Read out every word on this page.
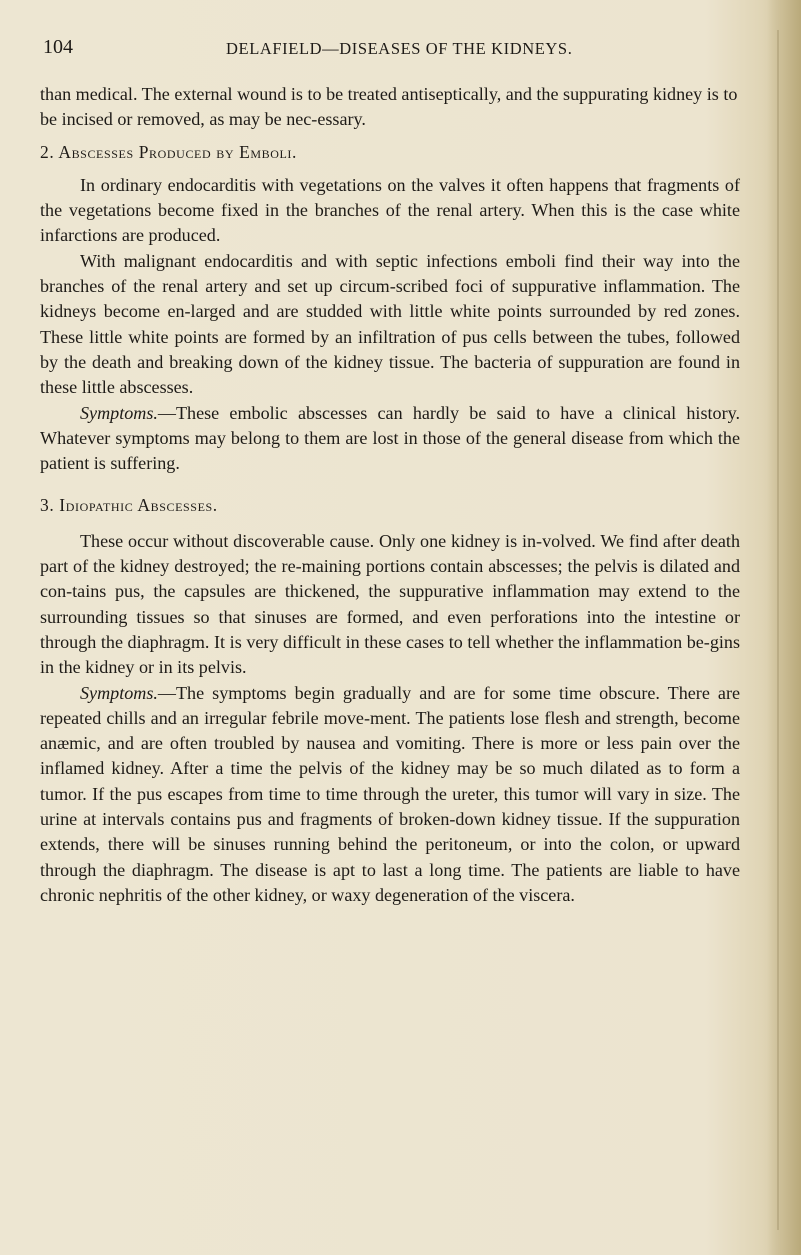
104	DELAFIELD—DISEASES OF THE KIDNEYS.

than medical. The external wound is to be treated antiseptically, and the suppurating kidney is to be incised or removed, as may be nec-essary.

2. Abscesses Produced by Emboli.

In ordinary endocarditis with vegetations on the valves it often happens that fragments of the vegetations become fixed in the branches of the renal artery. When this is the case white infarctions are produced.

With malignant endocarditis and with septic infections emboli find their way into the branches of the renal artery and set up circum-scribed foci of suppurative inflammation. The kidneys become en-larged and are studded with little white points surrounded by red zones. These little white points are formed by an infiltration of pus cells between the tubes, followed by the death and breaking down of the kidney tissue. The bacteria of suppuration are found in these little abscesses.

Symptoms.—These embolic abscesses can hardly be said to have a clinical history. Whatever symptoms may belong to them are lost in those of the general disease from which the patient is suffering.

3. Idiopathic Abscesses.

These occur without discoverable cause. Only one kidney is in-volved. We find after death part of the kidney destroyed; the re-maining portions contain abscesses; the pelvis is dilated and con-tains pus, the capsules are thickened, the suppurative inflammation may extend to the surrounding tissues so that sinuses are formed, and even perforations into the intestine or through the diaphragm. It is very difficult in these cases to tell whether the inflammation be-gins in the kidney or in its pelvis.

Symptoms.—The symptoms begin gradually and are for some time obscure. There are repeated chills and an irregular febrile move-ment. The patients lose flesh and strength, become anæmic, and are often troubled by nausea and vomiting. There is more or less pain over the inflamed kidney. After a time the pelvis of the kidney may be so much dilated as to form a tumor. If the pus escapes from time to time through the ureter, this tumor will vary in size. The urine at intervals contains pus and fragments of broken-down kidney tissue. If the suppuration extends, there will be sinuses running behind the peritoneum, or into the colon, or upward through the diaphragm. The disease is apt to last a long time. The patients are liable to have chronic nephritis of the other kidney, or waxy degeneration of the viscera.
